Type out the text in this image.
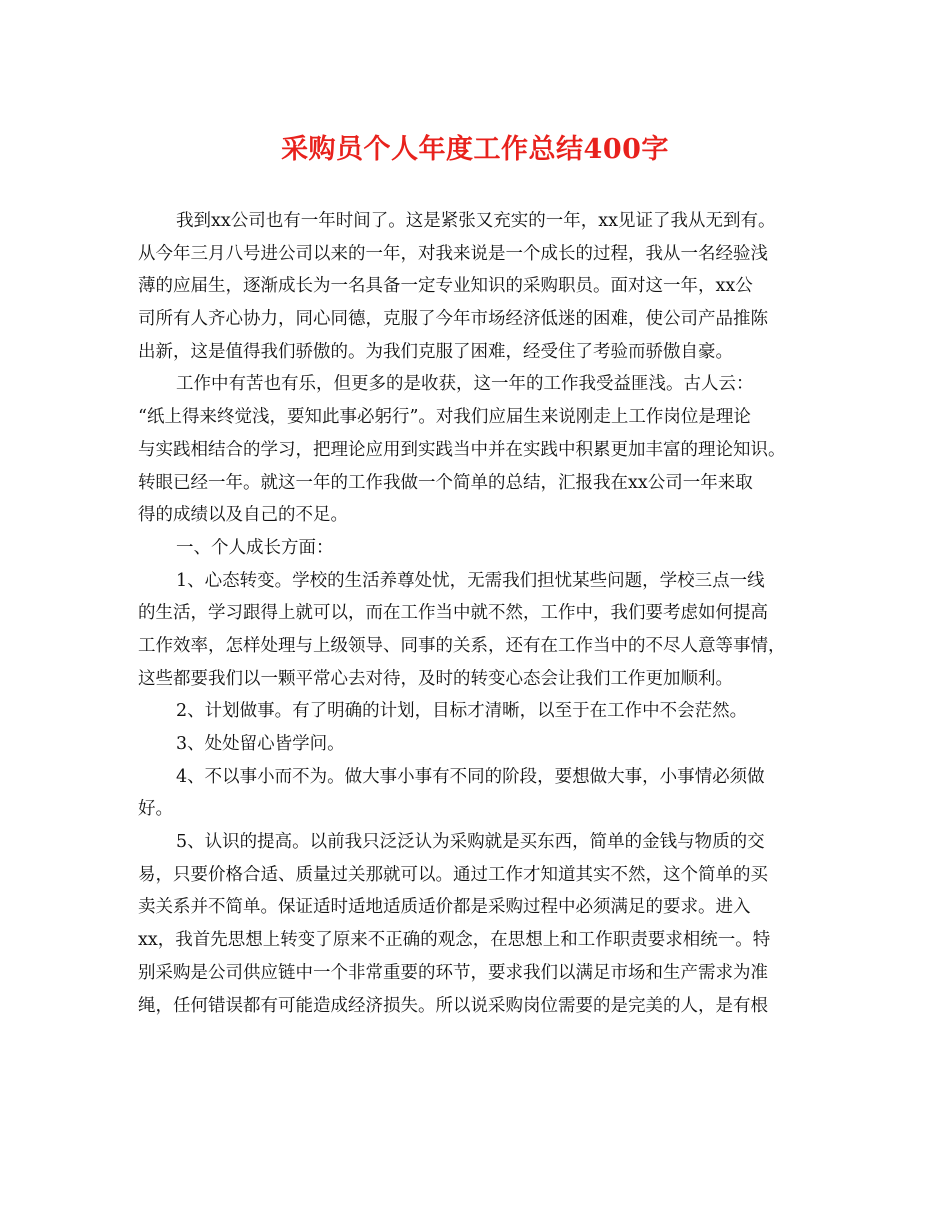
采购员个人年度工作总结400字
我到xx公司也有一年时间了。这是紧张又充实的一年，xx见证了我从无到有。
从今年三月八号进公司以来的一年，对我来说是一个成长的过程，我从一名经验浅
薄的应届生，逐渐成长为一名具备一定专业知识的采购职员。面对这一年，xx公
司所有人齐心协力，同心同德，克服了今年市场经济低迷的困难，使公司产品推陈
出新，这是值得我们骄傲的。为我们克服了困难，经受住了考验而骄傲自豪。
工作中有苦也有乐，但更多的是收获，这一年的工作我受益匪浅。古人云：
“纸上得来终觉浅，要知此事必躬行”。对我们应届生来说刚走上工作岗位是理论
与实践相结合的学习，把理论应用到实践当中并在实践中积累更加丰富的理论知识。
转眼已经一年。就这一年的工作我做一个简单的总结，汇报我在xx公司一年来取
得的成绩以及自己的不足。
一、个人成长方面：
1、心态转变。学校的生活养尊处忧，无需我们担忧某些问题，学校三点一线
的生活，学习跟得上就可以，而在工作当中就不然，工作中，我们要考虑如何提高
工作效率，怎样处理与上级领导、同事的关系，还有在工作当中的不尽人意等事情，
这些都要我们以一颗平常心去对待，及时的转变心态会让我们工作更加顺利。
2、计划做事。有了明确的计划，目标才清晰，以至于在工作中不会茫然。
3、处处留心皆学问。
4、不以事小而不为。做大事小事有不同的阶段，要想做大事，小事情必须做
好。
5、认识的提高。以前我只泛泛认为采购就是买东西，简单的金钱与物质的交
易，只要价格合适、质量过关那就可以。通过工作才知道其实不然，这个简单的买
卖关系并不简单。保证适时适地适质适价都是采购过程中必须满足的要求。进入
xx，我首先思想上转变了原来不正确的观念，在思想上和工作职责要求相统一。特
别采购是公司供应链中一个非常重要的环节，要求我们以满足市场和生产需求为准
绳，任何错误都有可能造成经济损失。所以说采购岗位需要的是完美的人，是有根
